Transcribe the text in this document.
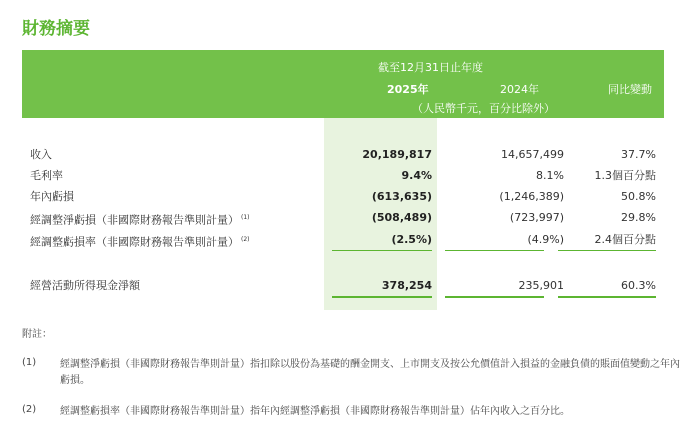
財務摘要
截至12月31日止年度
2025年	2024年	同比變動
（人民幣千元，百分比除外）
收入	20,189,817	14,657,499	37.7%
毛利率	9.4%	8.1%	1.3個百分點
年內虧損	(613,635)	(1,246,389)	50.8%
經調整淨虧損（非國際財務報告準則計量） $^{(1)}$	(508,489)	(723,997)	29.8%
經調整虧損率（非國際財務報告準則計量） $^{(2)}$	(2.5%)	(4.9%)	2.4個百分點
經營活動所得現金淨額	378,254	235,901	60.3%
附註：
(1) 經調整淨虧損（非國際財務報告準則計量）指扣除以股份為基礎的酬金開支、上市開支及按公允價值計入損益的金融負債的賬面值變動之年內虧損。
(2) 經調整虧損率（非國際財務報告準則計量）指年內經調整淨虧損（非國際財務報告準則計量）佔年內收入之百分比。
